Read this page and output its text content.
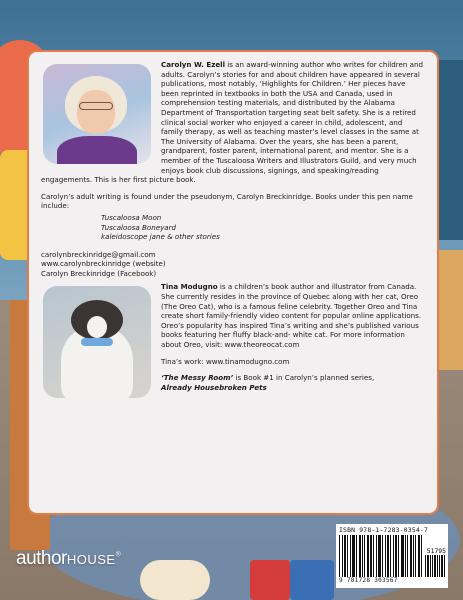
Carolyn W. Ezell is an award-winning author who writes for children and adults. Carolyn’s stories for and about children have appeared in several publications, most notably, ‘Highlights for Children.’ Her pieces have been reprinted in textbooks in both the USA and Canada, used in comprehension testing materials, and distributed by the Alabama Department of Transportation targeting seat belt safety. She is a retired clinical social worker who enjoyed a career in child, adolescent, and family therapy, as well as teaching master’s level classes in the same at The University of Alabama. Over the years, she has been a parent, grandparent, foster parent, international parent, and mentor. She is a member of the Tuscaloosa Writers and Illustrators Guild, and very much enjoys book club discussions, signings, and speaking/reading engagements. This is her first picture book.
Carolyn’s adult writing is found under the pseudonym, Carolyn Breckinridge. Books under this pen name include:
Tuscaloosa Moon
Tuscaloosa Boneyard
kaleidoscope jane & other stories
carolynbreckinridge@gmail.com
www.carolynbreckinridge (website)
Carolyn Breckinridge (Facebook)
Tina Modugno is a children’s book author and illustrator from Canada. She currently resides in the province of Quebec along with her cat, Oreo (The Oreo Cat), who is a famous feline celebrity. Together Oreo and Tina create short family-friendly video content for popular online applications. Oreo’s popularity has inspired Tina’s writing and she’s published various books featuring her fluffy black-and- white cat. For more information about Oreo, visit: www.theoreocat.com
Tina’s work: www.tinamodugno.com
‘The Messy Room’ is Book #1 in Carolyn’s planned series,
Already Housebroken Pets
ISBN 978-1-7283-0354-7
51795
9 781728 303567
authorHOUSE®
